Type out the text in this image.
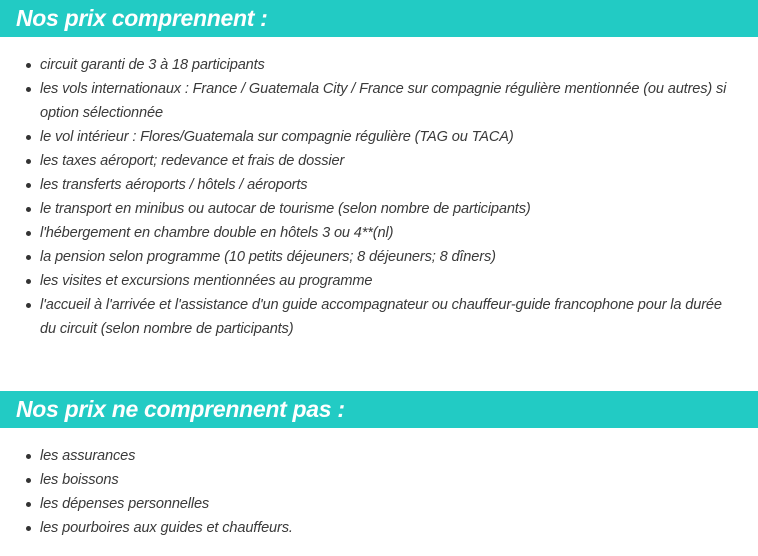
Nos prix comprennent :
circuit garanti de 3 à 18 participants
les vols internationaux : France / Guatemala City / France sur compagnie régulière mentionnée (ou autres) si option sélectionnée
le vol intérieur : Flores/Guatemala sur compagnie régulière (TAG ou TACA)
les taxes aéroport; redevance et frais de dossier
les transferts aéroports / hôtels / aéroports
le transport en minibus ou autocar de tourisme (selon nombre de participants)
l'hébergement en chambre double en hôtels 3 ou 4**(nl)
la pension selon programme (10 petits déjeuners; 8 déjeuners; 8 dîners)
les visites et excursions mentionnées au programme
l'accueil à l'arrivée et l'assistance d'un guide accompagnateur ou chauffeur-guide francophone pour la durée du circuit (selon nombre de participants)
Nos prix ne comprennent pas :
les assurances
les boissons
les dépenses personnelles
les pourboires aux guides et chauffeurs.
